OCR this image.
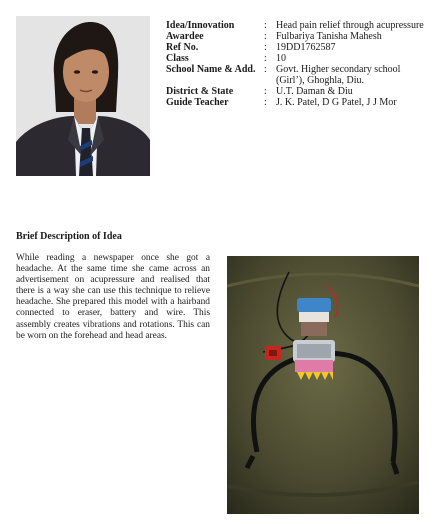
Idea/Innovation	:	Head pain relief through acupressure
Awardee	:	Fulbariya Tanisha Mahesh
Ref No.	:	19DD1762587
Class	:	10
School Name & Add.	:	Govt. Higher secondary school (Girl’), Ghoghla, Diu.
District & State	:	U.T. Daman & Diu
Guide Teacher	:	J. K. Patel, D G Patel, J J Mor
Brief Description of Idea

While reading a newspaper once she got a headache. At the same time she came across an advertisement on acupressure and realised that there is a way she can use this technique to relieve headache. She prepared this model with a hairband connected to eraser, battery and wire. This assembly creates vibrations and rotations. This can be worn on the forehead and head areas.
